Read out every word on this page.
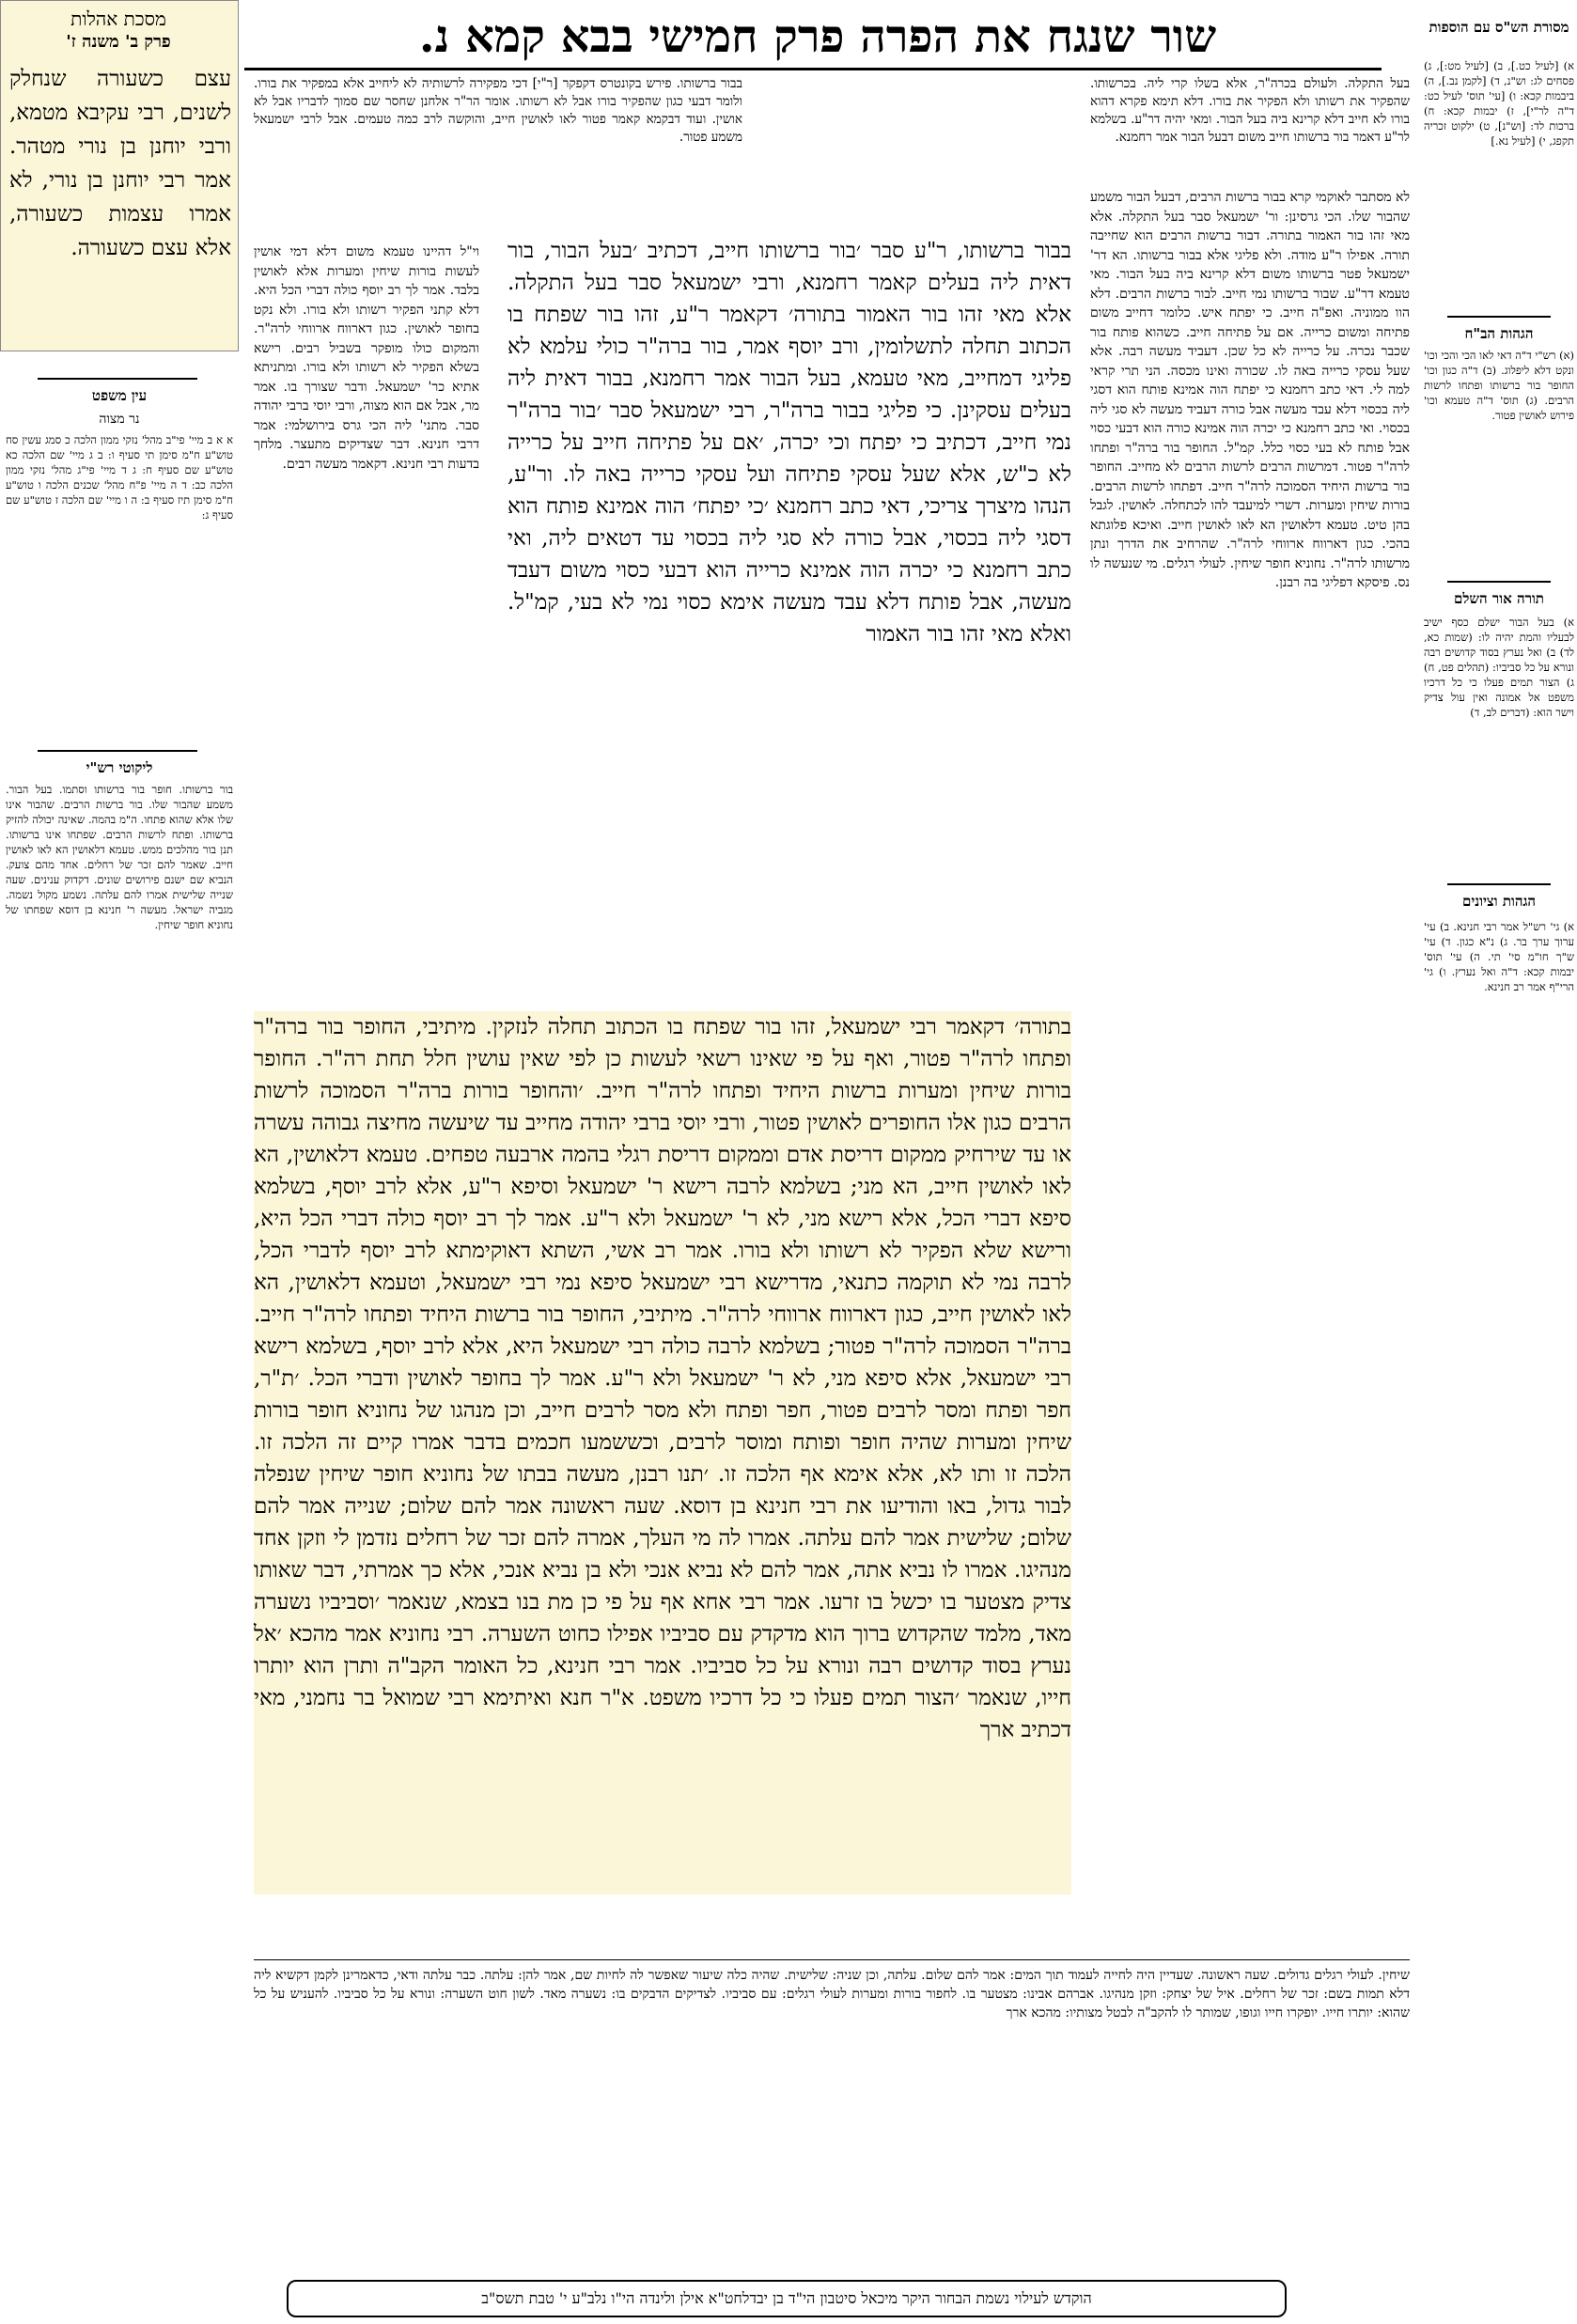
שור שנגח את הפרה פרק חמישי בבא קמא נ.
מסכת אהלות
פרק ב' משנה ז'
עצם כשעורה שנחלק לשנים, רבי עקיבא מטמא, ורבי יוחנן בן נורי מטהר. אמר רבי יוחנן בן נורי, לא אמרו עצמות כשעורה, אלא עצם כשעורה.
עין משפט
נר מצוה
א א ב מיי' פי"ב מהל' נזקי ממון הלכה כ סמג עשין סח טוש"ע ח"מ סימן תי סעיף ו: ב ג מיי' שם הלכה כא טוש"ע שם סעיף ח: ג ד מיי' פי"ג מהל' נזקי ממון הלכה כב: ד ה מיי' פ"ח מהל' שכנים הלכה ו טוש"ע ח"מ סימן תיז סעיף ב: ה ו מיי' שם הלכה ז טוש"ע שם סעיף ג:
ליקוטי רש"י
בור ברשותו. חופר בור ברשותו וסתמו. בעל הבור. משמע שהבור שלו. בור ברשות הרבים. שהבור אינו שלו אלא שהוא פתחו. ה"מ בהמה. שאינה יכולה להזיק ברשותו. ופתח לרשות הרבים. שפתחו אינו ברשותו. תנן בור מהלכים ממש. טעמא דלאושין הא לאו לאושין חייב. שאמר להם זכר של רחלים. אחד מהם צועק. הנביא שם ישנם פירושים שונים. דקדוק ענינים. שעה שנייה שלישית אמרו להם עלתה. נשמע מקול נשמה. מגביה ישראל. מעשה ר' חנינא בן דוסא שפחתו של נחוניא חופר שיחין.
מסורת הש"ס עם הוספות
א) [לעיל כט.], ב) [לעיל מט:], ג) פסחים לג: וש"נ, ד) [לקמן נב.], ה) ביבמות קכא: ו) [עי' תוס' לעיל כט: ד"ה לר"י], ז) יבמות קכא: ח) ברכות לד: [וש"נ], ט) ילקוט זכריה תקפג, י) [לעיל נא.]
הגהות הב"ח
(א) רש"י ד"ה דאי לאו הכי והכי וכו' ונקט דלא ליפלוג. (ב) ד"ה כגון וכו' החופר בור ברשותו ופתחו לרשות הרבים. (ג) תוס' ד"ה טעמא וכו' פירוש לאושין פטור.
תורה אור השלם
א) בעל הבור ישלם כסף ישיב לבעליו והמת יהיה לו: (שמות כא, לד) ב) ואל נערץ בסוד קדושים רבה ונורא על כל סביביו: (תהלים פט, ח) ג) הצור תמים פעלו כי כל דרכיו משפט אל אמונה ואין עול צדיק וישר הוא: (דברים לב, ד)
הגהות וציונים
א) גי' רש"ל אמר רבי חנינא. ב) עי' ערוך ערך בר. ג) נ"א כגון. ד) עי' ש"ך חו"מ סי' תי. ה) עי' תוס' יבמות קכא: ד"ה ואל נערץ. ו) גי' הרי"ף אמר רב חנינא.
בעל התקלה. ולעולם בכרה"ר, אלא בשלו קרי ליה. בכרשותו. שהפקיר את רשותו ולא הפקיר את בורו. דלא תימא פקרא דהוא בורו לא חייב דלא קרינא ביה בעל הבור. ומאי יהיה דר"ע. בשלמא לר"ע דאמר בור ברשותו חייב משום דבעל הבור אמר רחמנא.
לא מסתבר לאוקמי קרא בבור ברשות הרבים, דבעל הבור משמע שהבור שלו. הכי גרסינן: ור' ישמעאל סבר בעל התקלה. אלא מאי זהו בור האמור בתורה. דבור ברשות הרבים הוא שחייבה תורה. אפילו ר"ע מודה. ולא פליגי אלא בבור ברשותו. הא דר' ישמעאל פטר ברשותו משום דלא קרינא ביה בעל הבור. מאי טעמא דר"ע. שבור ברשותו נמי חייב. לבור ברשות הרבים. דלא הוו ממוניה. ואפ"ה חייב. כי יפתח איש. כלומר דחייב משום פתיחה ומשום כרייה. אם על פתיחה חייב. כשהוא פותח בור שכבר נכרה. על כרייה לא כל שכן. דעביד מעשה רבה. אלא שעל עסקי כרייה באה לו. שכורה ואינו מכסה. הני תרי קראי למה לי. דאי כתב רחמנא כי יפתח הוה אמינא פותח הוא דסגי ליה בכסוי דלא עבד מעשה אבל כורה דעביד מעשה לא סגי ליה בכסוי. ואי כתב רחמנא כי יכרה הוה אמינא כורה הוא דבעי כסוי אבל פותח לא בעי כסוי כלל. קמ"ל. החופר בור ברה"ר ופתחו לרה"ר פטור. דמרשות הרבים לרשות הרבים לא מחייב. החופר בור ברשות היחיד הסמוכה לרה"ר חייב. דפתחו לרשות הרבים. בורות שיחין ומערות. דשרי למיעבד להו לכתחלה. לאושין. לגבל בהן טיט. טעמא דלאושין הא לאו לאושין חייב. ואיכא פלוגתא בהכי. כגון דארווח ארווחי לרה"ר. שהרחיב את הדרך ונתן מרשותו לרה"ר. נחוניא חופר שיחין. לעולי רגלים. מי שנעשה לו נס. פיסקא דפליגי בה רבנן.
בבור ברשותו. פירש בקונטרס דקפקר [ר"י] דכי מפקירה לרשותיה לא ליחייב אלא במפקיר את בורו. ולומר דבעי כגון שהפקיר בורו אבל לא רשותו. אומר הר"ר אלחנן שחסר שם סמוך לדבריו אבל לא אושין. ועוד דבקמא קאמר פטור לאו לאושין חייב, והוקשה לרב כמה טעמים. אבל לרבי ישמעאל משמע פטור.
וי"ל דהיינו טעמא משום דלא דמי אושין לעשות בורות שיחין ומערות אלא לאושין בלבד. אמר לך רב יוסף כולה דברי הכל היא. דלא קתני הפקיר רשותו ולא בורו. ולא נקט בחופר לאושין. כגון דארווח ארווחי לרה"ר. והמקום כולו מופקר בשביל רבים. רישא בשלא הפקיר לא רשותו ולא בורו. ומתניתא אתיא כר' ישמעאל. ודבר שצורך בו. אמר מר, אבל אם הוא מצוה, ורבי יוסי ברבי יהודה סבר. מתני' ליה הכי גרס בירושלמי: אמר דרבי חנינא. דבר שצדיקים מתעצר. מלחך בדעות רבי חנינא. דקאמר מעשה רבים.
בבור ברשותו, ר"ע סבר ׳בור ברשותו חייב, דכתיב ׳בעל הבור, בור דאית ליה בעלים קאמר רחמנא, ורבי ישמעאל סבר בעל התקלה. אלא מאי זהו בור האמור בתורה׳ דקאמר ר"ע, זהו בור שפתח בו הכתוב תחלה לתשלומין, ורב יוסף אמר, בור ברה"ר כולי עלמא לא פליגי דמחייב, מאי טעמא, בעל הבור אמר רחמנא, בבור דאית ליה בעלים עסקינן. כי פליגי בבור ברה"ר, רבי ישמעאל סבר ׳בור ברה"ר נמי חייב, דכתיב כי יפתח וכי יכרה, ׳אם על פתיחה חייב על כרייה לא כ"ש, אלא שעל עסקי פתיחה ועל עסקי כרייה באה לו. ור"ע, הנהו מיצרך צריכי, דאי כתב רחמנא ׳כי יפתח׳ הוה אמינא פותח הוא דסגי ליה בכסוי, אבל כורה לא סגי ליה בכסוי עד דטאים ליה, ואי כתב רחמנא כי יכרה הוה אמינא כרייה הוא דבעי כסוי משום דעבד מעשה, אבל פותח דלא עבד מעשה אימא כסוי נמי לא בעי, קמ"ל. ואלא מאי זהו בור האמור
בתורה׳ דקאמר רבי ישמעאל, זהו בור שפתח בו הכתוב תחלה לנזקין. מיתיבי, החופר בור ברה"ר ופתחו לרה"ר פטור, ואף על פי שאינו רשאי לעשות כן לפי שאין עושין חלל תחת רה"ר. החופר בורות שיחין ומערות ברשות היחיד ופתחו לרה"ר חייב. ׳והחופר בורות ברה"ר הסמוכה לרשות הרבים כגון אלו החופרים לאושין פטור, ורבי יוסי ברבי יהודה מחייב עד שיעשה מחיצה גבוהה עשרה או עד שירחיק ממקום דריסת אדם וממקום דריסת רגלי בהמה ארבעה טפחים. טעמא דלאושין, הא לאו לאושין חייב, הא מני; בשלמא לרבה רישא ר' ישמעאל וסיפא ר"ע, אלא לרב יוסף, בשלמא סיפא דברי הכל, אלא רישא מני, לא ר' ישמעאל ולא ר"ע. אמר לך רב יוסף כולה דברי הכל היא, ורישא שלא הפקיר לא רשותו ולא בורו. אמר רב אשי, השתא דאוקימתא לרב יוסף לדברי הכל, לרבה נמי לא תוקמה כתנאי, מדרישא רבי ישמעאל סיפא נמי רבי ישמעאל, וטעמא דלאושין, הא לאו לאושין חייב, כגון דארווח ארווחי לרה"ר. מיתיבי, החופר בור ברשות היחיד ופתחו לרה"ר חייב. ברה"ר הסמוכה לרה"ר פטור; בשלמא לרבה כולה רבי ישמעאל היא, אלא לרב יוסף, בשלמא רישא רבי ישמעאל, אלא סיפא מני, לא ר' ישמעאל ולא ר"ע. אמר לך בחופר לאושין ודברי הכל. ׳ת"ר, חפר ופתח ומסר לרבים פטור, חפר ופתח ולא מסר לרבים חייב, וכן מנהגו של נחוניא חופר בורות שיחין ומערות שהיה חופר ופותח ומוסר לרבים, וכששמעו חכמים בדבר אמרו קיים זה הלכה זו. הלכה זו ותו לא, אלא אימא אף הלכה זו. ׳תנו רבנן, מעשה בבתו של נחוניא חופר שיחין שנפלה לבור גדול, באו והודיעו את רבי חנינא בן דוסא. שעה ראשונה אמר להם שלום; שנייה אמר להם שלום; שלישית אמר להם עלתה. אמרו לה מי העלך, אמרה להם זכר של רחלים נזדמן לי וזקן אחד מנהיגו. אמרו לו נביא אתה, אמר להם לא נביא אנכי ולא בן נביא אנכי, אלא כך אמרתי, דבר שאותו צדיק מצטער בו יכשל בו זרעו. אמר רבי אחא אף על פי כן מת בנו בצמא, שנאמר ׳וסביביו נשערה מאד, מלמד שהקדוש ברוך הוא מדקדק עם סביביו אפילו כחוט השערה. רבי נחוניא אמר מהכא ׳אל נערץ בסוד קדושים רבה ונורא על כל סביביו. אמר רבי חנינא, כל האומר הקב"ה ותרן הוא יותרו חייו, שנאמר ׳הצור תמים פעלו כי כל דרכיו משפט. א"ר חנא ואיתימא רבי שמואל בר נחמני, מאי דכתיב ארך
שיחין. לעולי רגלים גדולים. שעה ראשונה. שעדיין היה לחייה לעמוד תוך המים: אמר להם שלום. עלתה, וכן שניה: שלישית. שהיה כלה שיעור שאפשר לה לחיות שם, אמר להן: עלתה. כבר עלתה ודאי, כדאמרינן לקמן דקשיא ליה דלא תמות בשם: זכר של רחלים. איל של יצחק: וזקן מנהיגו. אברהם אבינו: מצטער בו. לחפור בורות ומערות לעולי רגלים: עם סביביו. לצדיקים הדבקים בו: נשערה מאד. לשון חוט השערה: ונורא על כל סביביו. להעניש על כל שהוא: יותרו חייו. יופקרו חייו וגופו, שמותר לו להקב"ה לבטל מצותיו: מהכא ארך
הוקדש לעילוי נשמת הבחור היקר מיכאל סיטבון הי"ד בן יבדלחט"א אילן ולינדה הי"ו נלב"ע י' טבת תשס"ב
